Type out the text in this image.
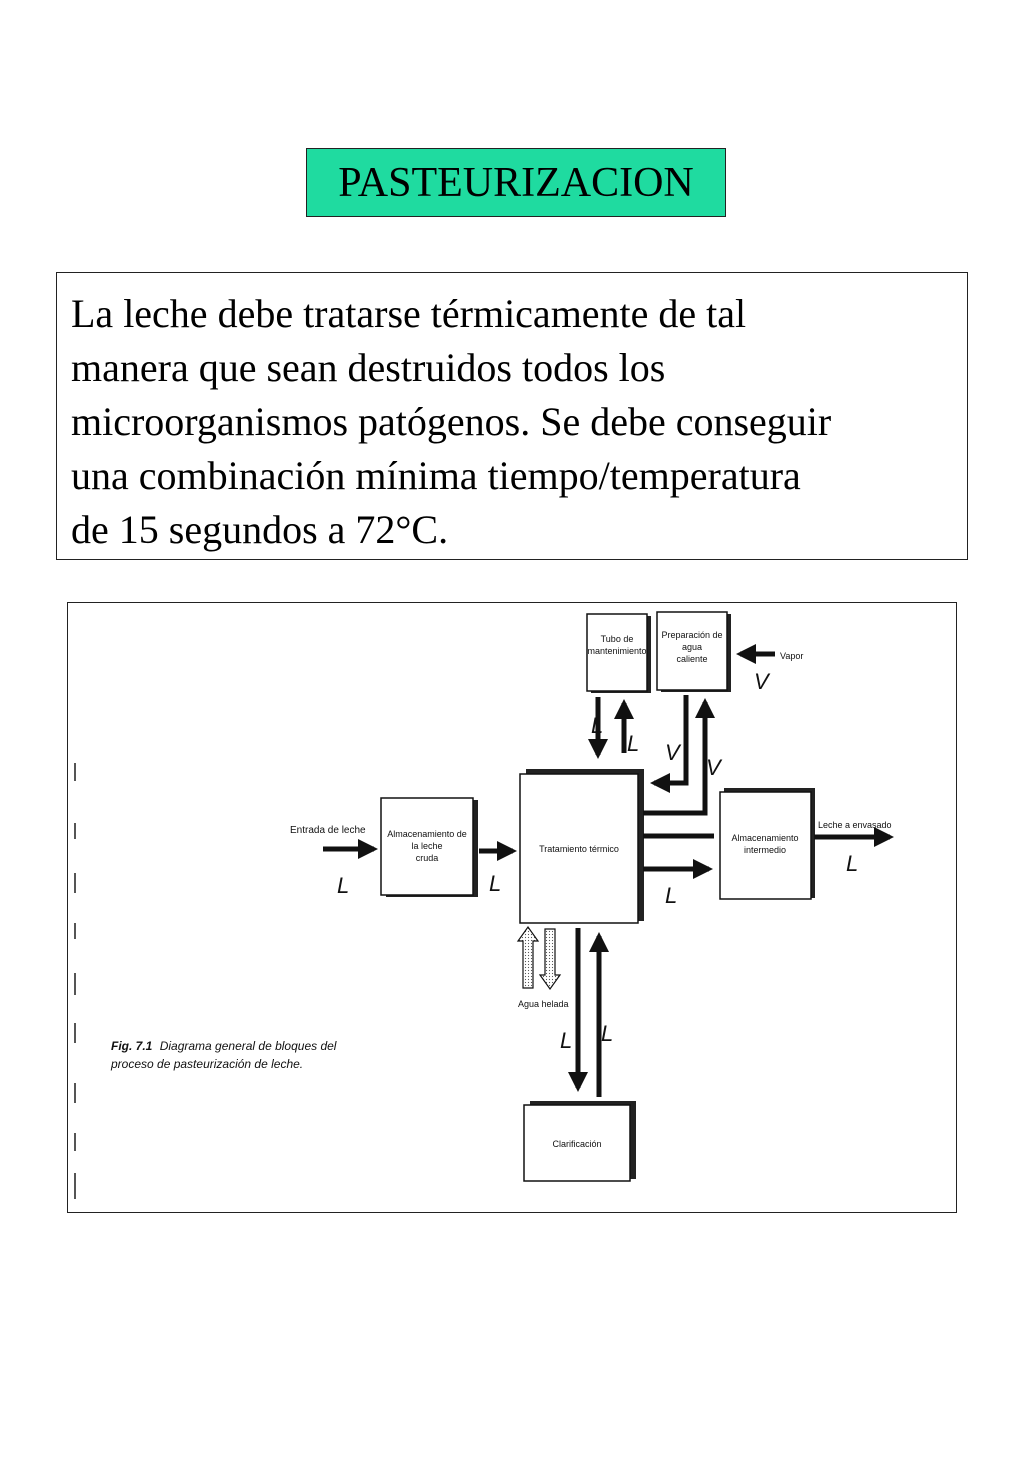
PASTEURIZACION
La leche debe tratarse térmicamente de tal
manera que sean destruidos todos los
microorganismos patógenos. Se debe conseguir
una combinación mínima tiempo/temperatura
de 15 segundos a 72°C.
Tubo de
mantenimiento
Preparación de
agua
caliente
Almacenamiento de
la leche
cruda
Tratamiento térmico
Almacenamiento
intermedio
Clarificación
Entrada de leche
Vapor
Leche a envasado
Agua helada
L	L
L
L V
V
V
L
L
L L
Fig. 7.1 Diagrama general de bloques del
proceso de pasteurización de leche.
